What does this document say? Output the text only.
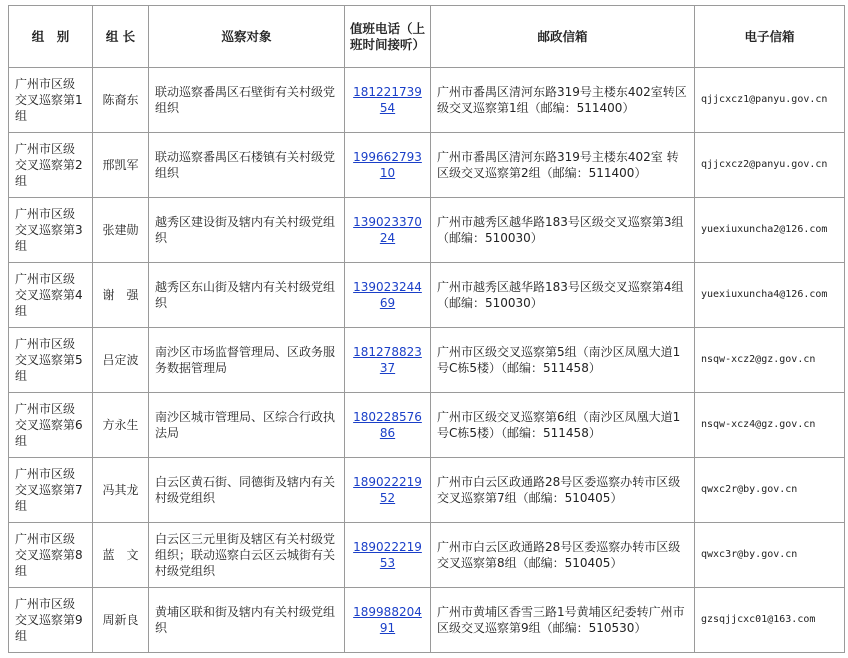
组　别	组 长	巡察对象	值班电话（上班时间接听）	邮政信箱	电子信箱
广州市区级交叉巡察第1组	陈裔东	联动巡察番禺区石壁街有关村级党组织	18122173954	广州市番禺区清河东路319号主楼东402室转区级交叉巡察第1组（邮编：511400）	qjjcxcz1@panyu.gov.cn
广州市区级交叉巡察第2组	邢凯军	联动巡察番禺区石楼镇有关村级党组织	19966279310	广州市番禺区清河东路319号主楼东402室 转区级交叉巡察第2组（邮编：511400）	qjjcxcz2@panyu.gov.cn
广州市区级交叉巡察第3组	张建勋	越秀区建设街及辖内有关村级党组织	13902337024	广州市越秀区越华路183号区级交叉巡察第3组（邮编：510030）	yuexiuxuncha2@126.com
广州市区级交叉巡察第4组	谢　强	越秀区东山街及辖内有关村级党组织	13902324469	广州市越秀区越华路183号区级交叉巡察第4组（邮编：510030）	yuexiuxuncha4@126.com
广州市区级交叉巡察第5组	吕定波	南沙区市场监督管理局、区政务服务数据管理局	18127882337	广州市区级交叉巡察第5组（南沙区凤凰大道1号C栋5楼）（邮编：511458）	nsqw-xcz2@gz.gov.cn
广州市区级交叉巡察第6组	方永生	南沙区城市管理局、区综合行政执法局	18022857686	广州市区级交叉巡察第6组（南沙区凤凰大道1号C栋5楼）（邮编：511458）	nsqw-xcz4@gz.gov.cn
广州市区级交叉巡察第7组	冯其龙	白云区黄石街、同德街及辖内有关村级党组织	18902221952	广州市白云区政通路28号区委巡察办转市区级交叉巡察第7组（邮编：510405）	qwxc2r@by.gov.cn
广州市区级交叉巡察第8组	蓝　文	白云区三元里街及辖区有关村级党组织；联动巡察白云区云城街有关村级党组织	18902221953	广州市白云区政通路28号区委巡察办转市区级交叉巡察第8组（邮编：510405）	qwxc3r@by.gov.cn
广州市区级交叉巡察第9组	周新良	黄埔区联和街及辖内有关村级党组织	18998820491	广州市黄埔区香雪三路1号黄埔区纪委转广州市区级交叉巡察第9组（邮编：510530）	gzsqjjcxc01@163.com
